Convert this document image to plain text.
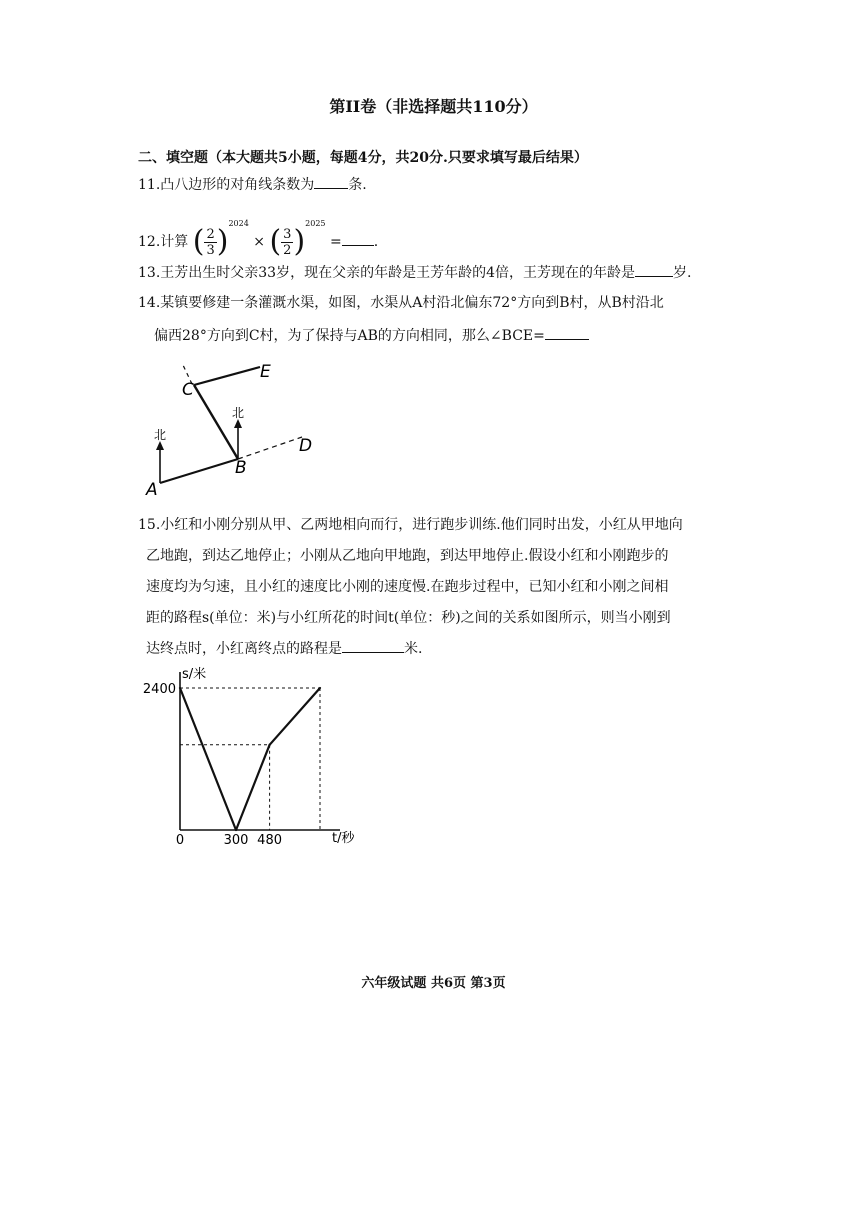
第II卷（非选择题共110分）
二、填空题（本大题共5小题，每题4分，共20分.只要求填写最后结果）
11.凸八边形的对角线条数为 条.
12.计算 ( $\frac{2}{3} )^{2024}$ × ( $\frac{3}{2} )^{2025}$ = .
13.王芳出生时父亲33岁，现在父亲的年龄是王芳年龄的4倍，王芳现在的年龄是	岁.
14.某镇要修建一条灌溉水渠，如图，水渠从A村沿北偏东72°方向到B村，从B村沿北
偏西28°方向到C村，为了保持与AB的方向相同，那么∠BCE=
北
北
A
B
C
D
E
15.小红和小刚分别从甲、乙两地相向而行，进行跑步训练.他们同时出发，小红从甲地向
乙地跑，到达乙地停止；小刚从乙地向甲地跑，到达甲地停止.假设小红和小刚跑步的
速度均为匀速，且小红的速度比小刚的速度慢.在跑步过程中，已知小红和小刚之间相
距的路程s(单位：米)与小红所花的时间t(单位：秒)之间的关系如图所示，则当小刚到
达终点时，小红离终点的路程是	米.
s/米
t/秒
0	300 480
2400
六年级试题 共6页 第3页
